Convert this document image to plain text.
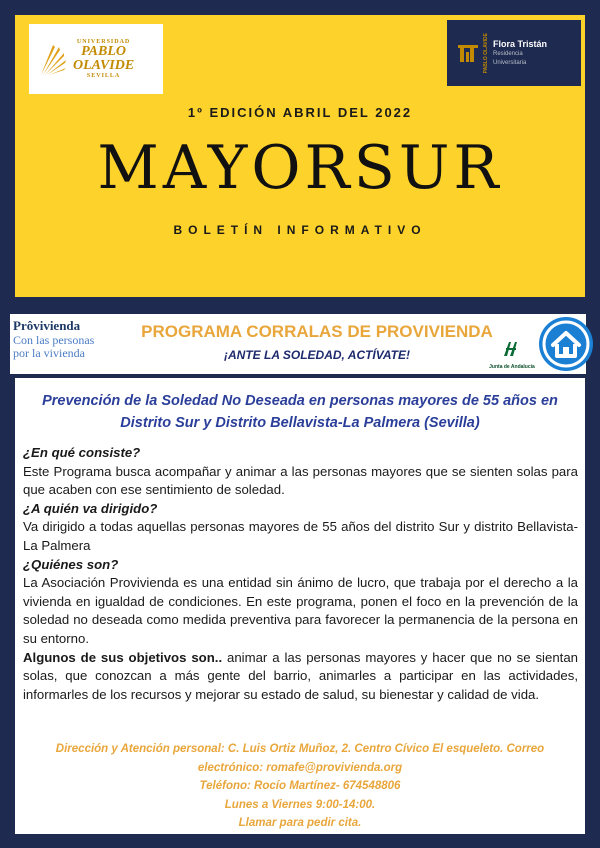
UNIVERSIDAD
PABLO
OLAVIDE
SEVILLA
PABLO OLAVIDE Flora Tristán
Residencia
Universitaria
1º EDICIÓN ABRIL DEL 2022
MAYORSUR
BOLETÍN INFORMATIVO
Prôvivienda
Con las personas
por la vivienda
PROGRAMA CORRALAS DE PROVIVIENDA
¡ANTE LA SOLEDAD, ACTÍVATE!
Junta de Andalucía
Prevención de la Soledad No Deseada en personas mayores de 55 años en Distrito Sur y Distrito Bellavista-La Palmera (Sevilla)

¿En qué consiste?

Este Programa busca acompañar y animar a las personas mayores que se sienten solas para que acaben con ese sentimiento de soledad.

¿A quién va dirigido?

Va dirigido a todas aquellas personas mayores de 55 años del distrito Sur y distrito Bellavista- La Palmera

¿Quiénes son?

La Asociación Provivienda es una entidad sin ánimo de lucro, que trabaja por el derecho a la vivienda en igualdad de condiciones. En este programa, ponen el foco en la prevención de la soledad no deseada como medida preventiva para favorecer la permanencia de la persona en su entorno.

Algunos de sus objetivos son.. animar a las personas mayores y hacer que no se sientan solas, que conozcan a más gente del barrio, animarles a participar en las actividades, informarles de los recursos y mejorar su estado de salud, su bienestar y calidad de vida.

Dirección y Atención personal: C. Luis Ortiz Muñoz, 2. Centro Cívico El esqueleto. Correo
electrónico: romafe@provivienda.org
Teléfono: Rocío Martínez- 674548806
Lunes a Viernes 9:00-14:00.
Llamar para pedir cita.
